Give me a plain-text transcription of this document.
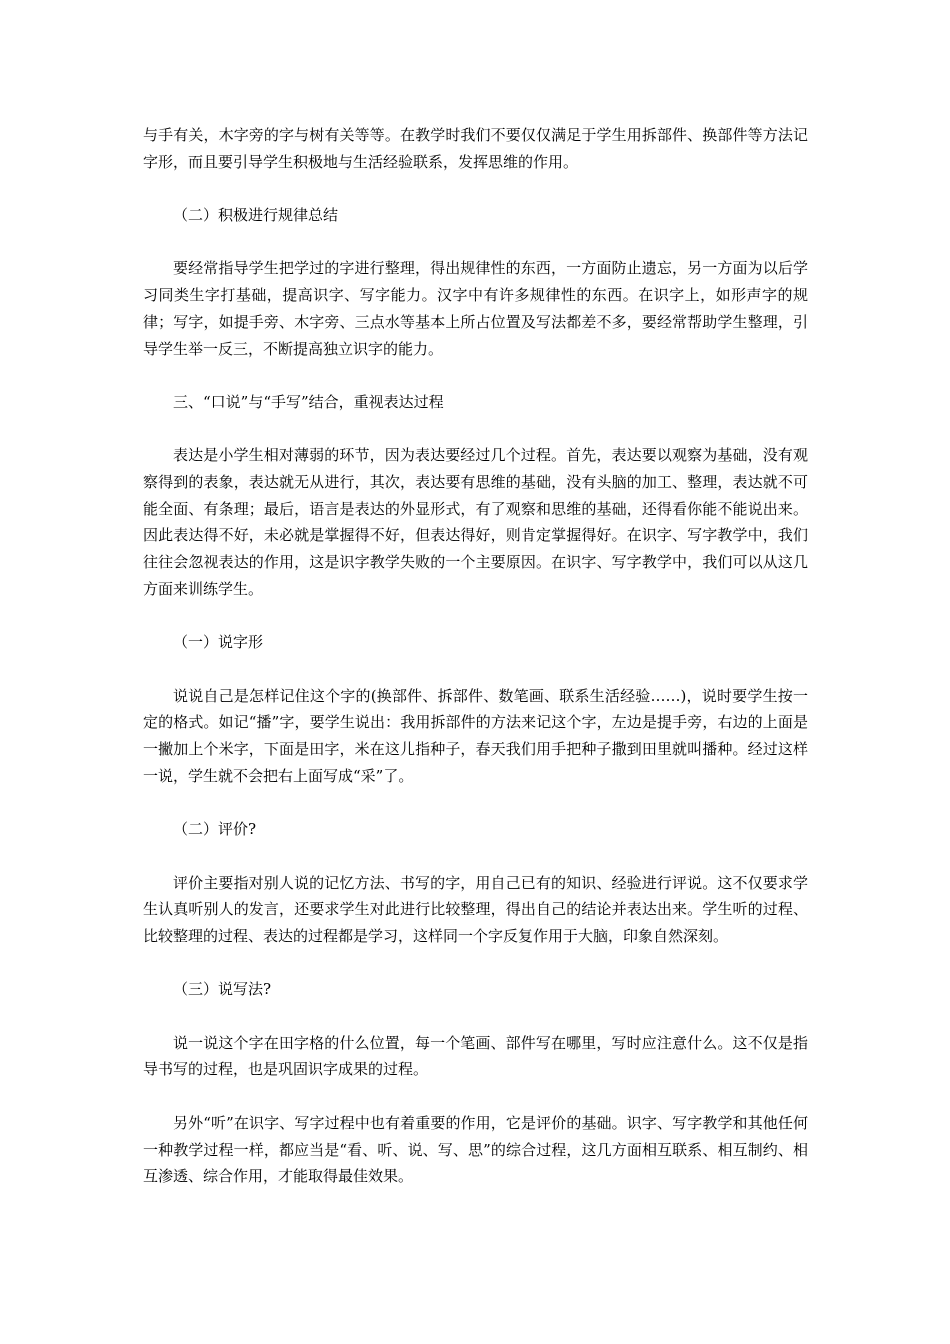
与手有关，木字旁的字与树有关等等。在教学时我们不要仅仅满足于学生用拆部件、换部件等方法记字形，而且要引导学生积极地与生活经验联系，发挥思维的作用。

（二）积极进行规律总结

要经常指导学生把学过的字进行整理，得出规律性的东西，一方面防止遗忘，另一方面为以后学习同类生字打基础，提高识字、写字能力。汉字中有许多规律性的东西。在识字上，如形声字的规律；写字，如提手旁、木字旁、三点水等基本上所占位置及写法都差不多，要经常帮助学生整理，引导学生举一反三，不断提高独立识字的能力。

三、“口说”与“手写”结合，重视表达过程

表达是小学生相对薄弱的环节，因为表达要经过几个过程。首先，表达要以观察为基础，没有观察得到的表象，表达就无从进行，其次，表达要有思维的基础，没有头脑的加工、整理，表达就不可能全面、有条理；最后，语言是表达的外显形式，有了观察和思维的基础，还得看你能不能说出来。因此表达得不好，未必就是掌握得不好，但表达得好，则肯定掌握得好。在识字、写字教学中，我们往往会忽视表达的作用，这是识字教学失败的一个主要原因。在识字、写字教学中，我们可以从这几方面来训练学生。

（一）说字形

说说自己是怎样记住这个字的(换部件、拆部件、数笔画、联系生活经验……)，说时要学生按一定的格式。如记“播”字，要学生说出：我用拆部件的方法来记这个字，左边是提手旁，右边的上面是一撇加上个米字，下面是田字，米在这儿指种子，春天我们用手把种子撒到田里就叫播种。经过这样一说，学生就不会把右上面写成“采”了。

（二）评价?

评价主要指对别人说的记忆方法、书写的字，用自己已有的知识、经验进行评说。这不仅要求学生认真听别人的发言，还要求学生对此进行比较整理，得出自己的结论并表达出来。学生听的过程、比较整理的过程、表达的过程都是学习，这样同一个字反复作用于大脑，印象自然深刻。

（三）说写法?

说一说这个字在田字格的什么位置，每一个笔画、部件写在哪里，写时应注意什么。这不仅是指导书写的过程，也是巩固识字成果的过程。

另外“听”在识字、写字过程中也有着重要的作用，它是评价的基础。识字、写字教学和其他任何一种教学过程一样，都应当是“看、听、说、写、思”的综合过程，这几方面相互联系、相互制约、相互渗透、综合作用，才能取得最佳效果。
